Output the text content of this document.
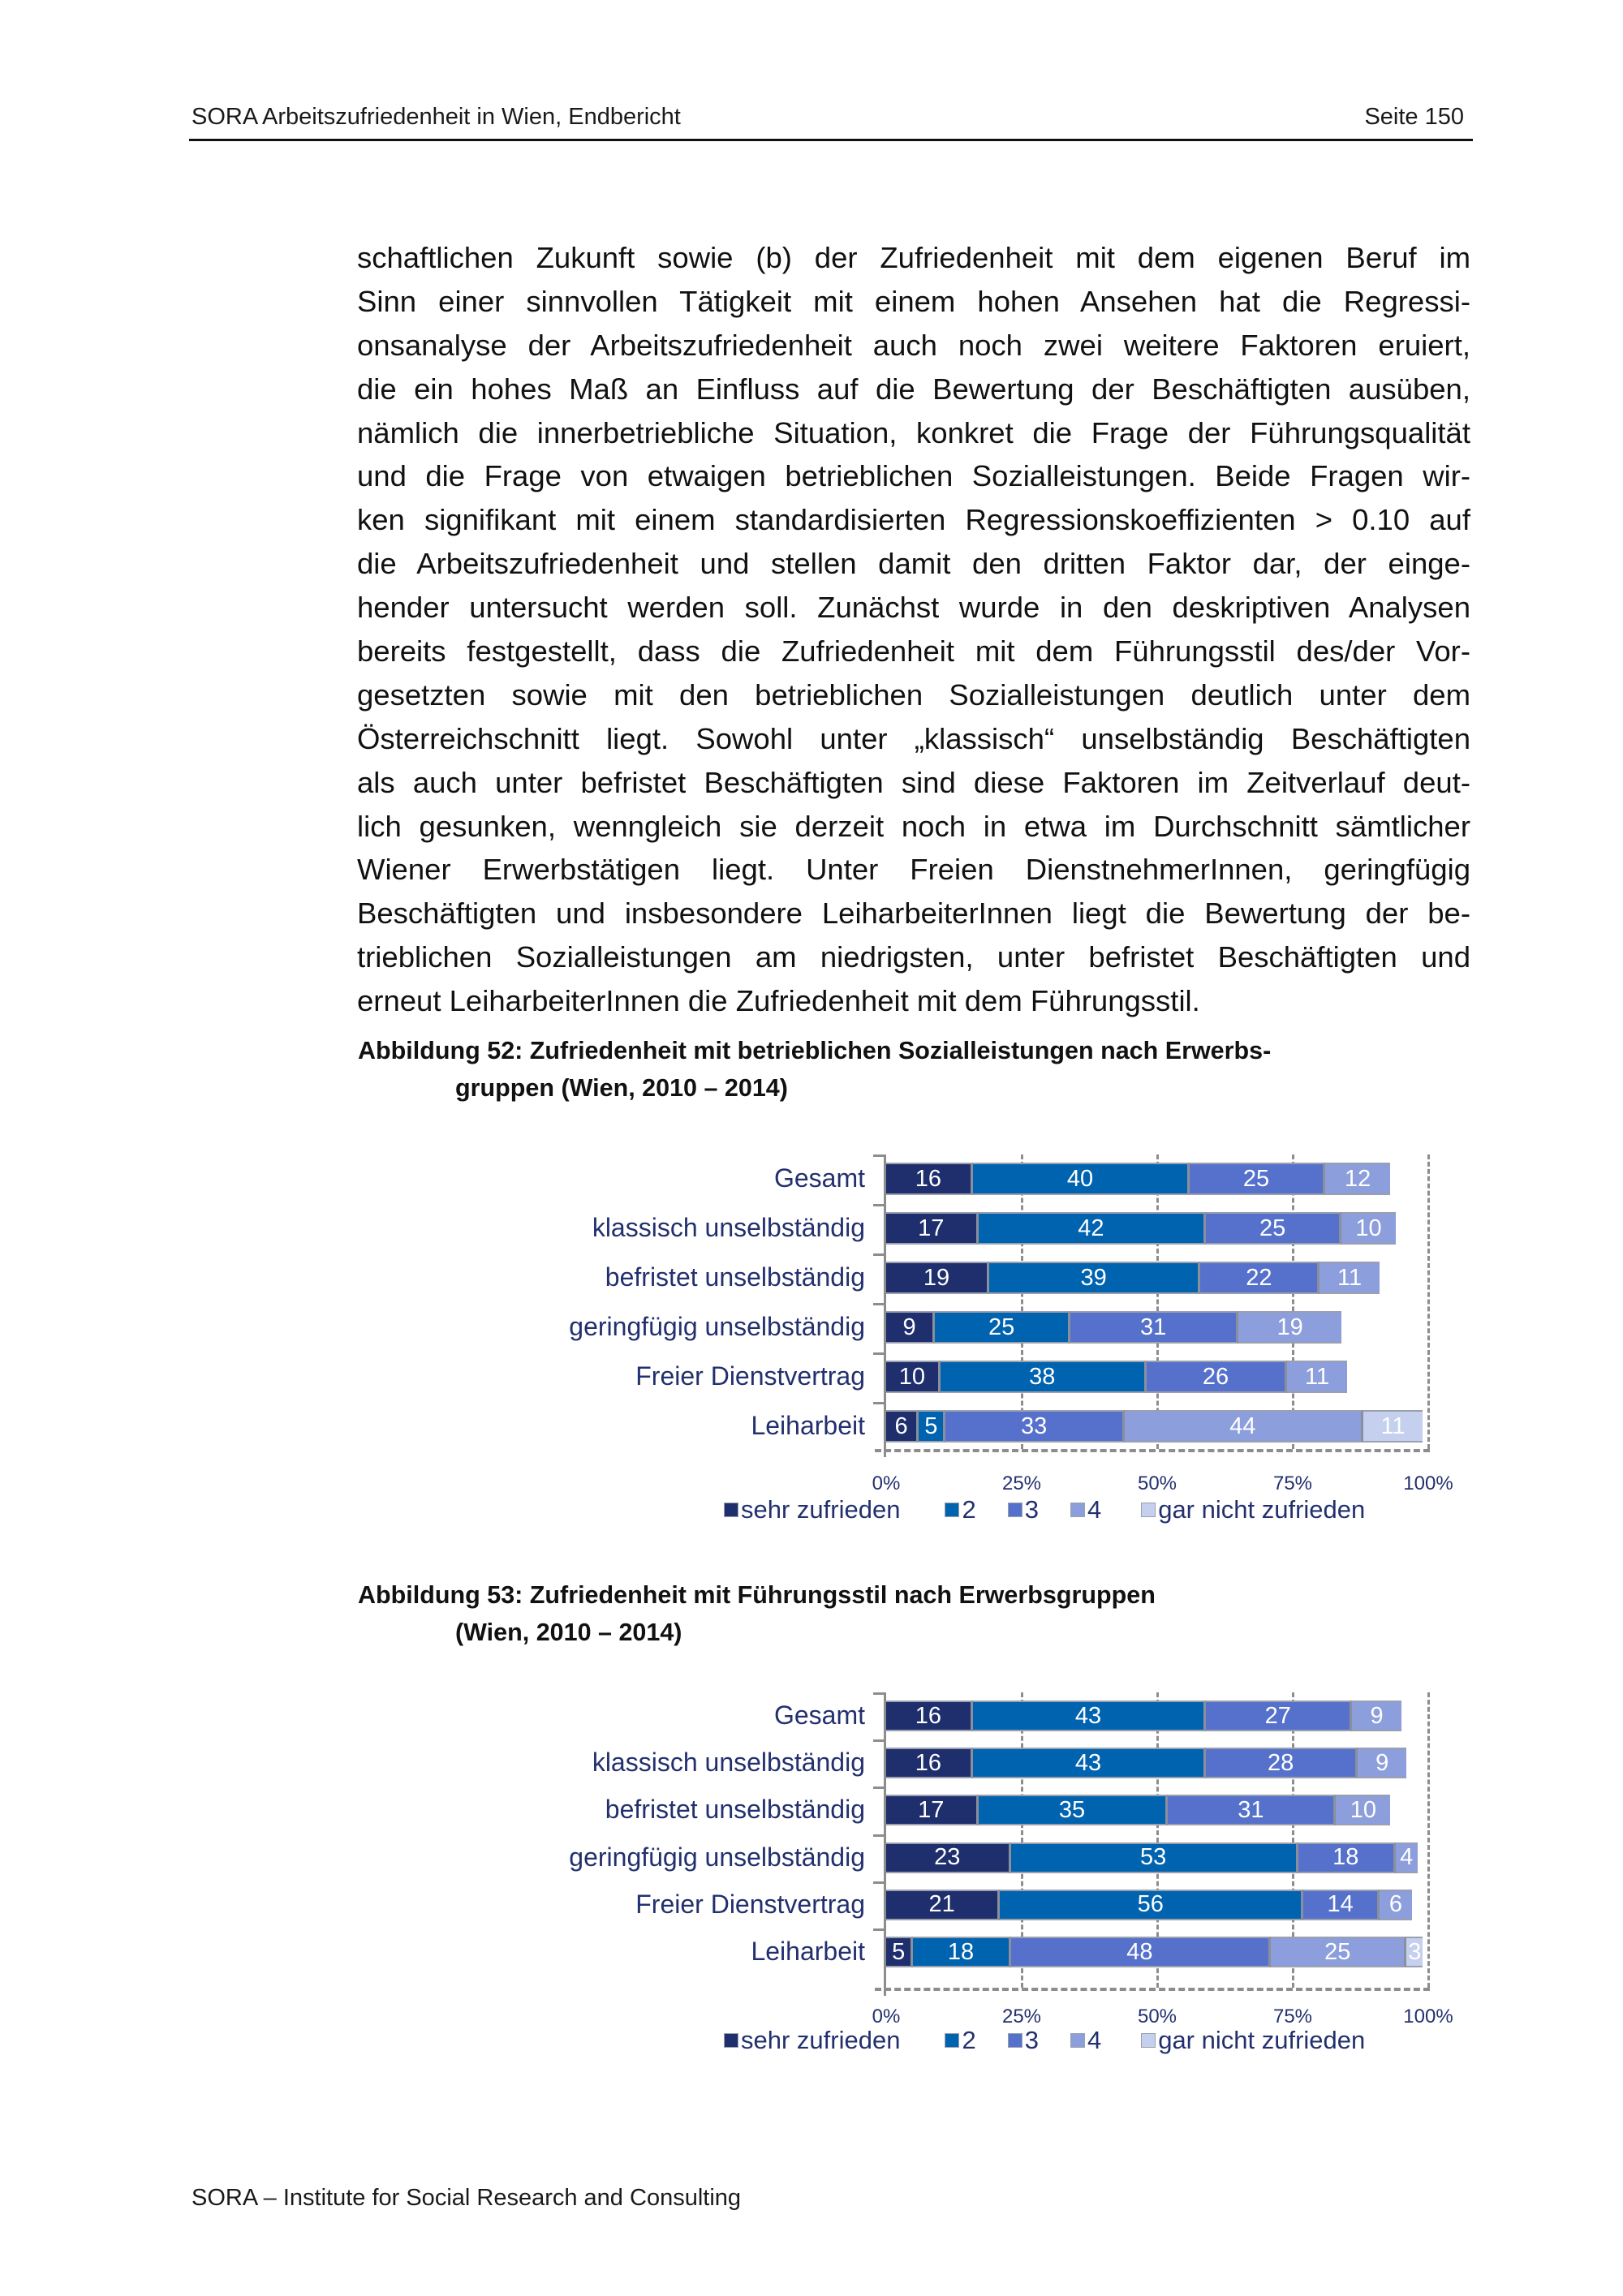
SORA Arbeitszufriedenheit in Wien, Endbericht	Seite 150
schaftlichen Zukunft sowie (b) der Zufriedenheit mit dem eigenen Beruf im
Sinn einer sinnvollen Tätigkeit mit einem hohen Ansehen hat die Regressi-
onsanalyse der Arbeitszufriedenheit auch noch zwei weitere Faktoren eruiert,
die ein hohes Maß an Einfluss auf die Bewertung der Beschäftigten ausüben,
nämlich die innerbetriebliche Situation, konkret die Frage der Führungsqualität
und die Frage von etwaigen betrieblichen Sozialleistungen. Beide Fragen wir-
ken signifikant mit einem standardisierten Regressionskoeffizienten > 0.10 auf
die Arbeitszufriedenheit und stellen damit den dritten Faktor dar, der einge-
hender untersucht werden soll. Zunächst wurde in den deskriptiven Analysen
bereits festgestellt, dass die Zufriedenheit mit dem Führungsstil des/der Vor-
gesetzten sowie mit den betrieblichen Sozialleistungen deutlich unter dem
Österreichschnitt liegt. Sowohl unter „klassisch“ unselbständig Beschäftigten
als auch unter befristet Beschäftigten sind diese Faktoren im Zeitverlauf deut-
lich gesunken, wenngleich sie derzeit noch in etwa im Durchschnitt sämtlicher
Wiener Erwerbstätigen liegt. Unter Freien DienstnehmerInnen, geringfügig
Beschäftigten und insbesondere LeiharbeiterInnen liegt die Bewertung der be-
trieblichen Sozialleistungen am niedrigsten, unter befristet Beschäftigten und
erneut LeiharbeiterInnen die Zufriedenheit mit dem Führungsstil.
Abbildung 52: Zufriedenheit mit betrieblichen Sozialleistungen nach Erwerbs-
gruppen (Wien, 2010 – 2014)
Gesamt	16	40	25	12
klassisch unselbständig	17	42	25	10
befristet unselbständig	19	39	22	11
geringfügig unselbständig	9	25	31	19
Freier Dienstvertrag	10	38	26	11
Leiharbeit	6 5	33	44	11
0%	25%	50%	75%	100%
sehr zufrieden 2 3 4 gar nicht zufrieden
Abbildung 53: Zufriedenheit mit Führungsstil nach Erwerbsgruppen
(Wien, 2010 – 2014)
Gesamt	16	43	27	9
klassisch unselbständig	16	43	28	9
befristet unselbständig	17	35	31	10
geringfügig unselbständig	23	53	18	4
Freier Dienstvertrag	21	56	14	6
Leiharbeit 5	18	48	25	3
0%	25%	50%	75%	100%
sehr zufrieden 2 3 4 gar nicht zufrieden
SORA – Institute for Social Research and Consulting
